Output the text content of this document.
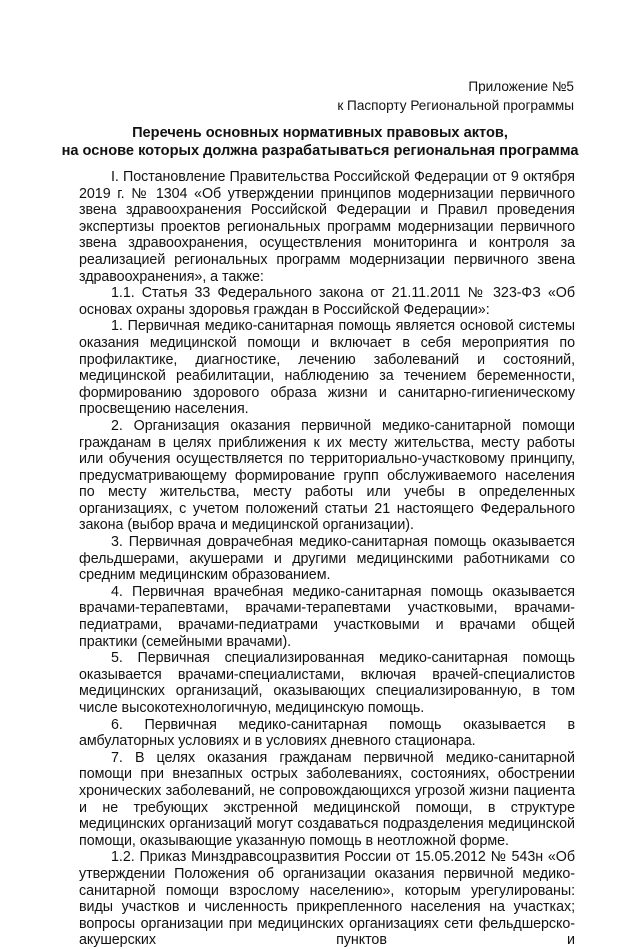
Приложение №5
к Паспорту Региональной программы
Перечень основных нормативных правовых актов,
на основе которых должна разрабатываться региональная программа

I. Постановление Правительства Российской Федерации от 9 октября 2019 г. № 1304 «Об утверждении принципов модернизации первичного звена здравоохранения Российской Федерации и Правил проведения экспертизы проектов региональных программ модернизации первичного звена здравоохранения, осуществления мониторинга и контроля за реализацией региональных программ модернизации первичного звена здравоохранения», а также:

1.1. Статья 33 Федерального закона от 21.11.2011 № 323-ФЗ «Об основах охраны здоровья граждан в Российской Федерации»:

1. Первичная медико-санитарная помощь является основой системы оказания медицинской помощи и включает в себя мероприятия по профилактике, диагностике, лечению заболеваний и состояний, медицинской реабилитации, наблюдению за течением беременности, формированию здорового образа жизни и санитарно-гигиеническому просвещению населения.

2. Организация оказания первичной медико-санитарной помощи гражданам в целях приближения к их месту жительства, месту работы или обучения осуществляется по территориально-участковому принципу, предусматривающему формирование групп обслуживаемого населения по месту жительства, месту работы или учебы в определенных организациях, с учетом положений статьи 21 настоящего Федерального закона (выбор врача и медицинской организации).

3. Первичная доврачебная медико-санитарная помощь оказывается фельдшерами, акушерами и другими медицинскими работниками со средним медицинским образованием.

4. Первичная врачебная медико-санитарная помощь оказывается врачами-терапевтами, врачами-терапевтами участковыми, врачами-педиатрами, врачами-педиатрами участковыми и врачами общей практики (семейными врачами).

5. Первичная специализированная медико-санитарная помощь оказывается врачами-специалистами, включая врачей-специалистов медицинских организаций, оказывающих специализированную, в том числе высокотехнологичную, медицинскую помощь.

6. Первичная медико-санитарная помощь оказывается в амбулаторных условиях и в условиях дневного стационара.

7. В целях оказания гражданам первичной медико-санитарной помощи при внезапных острых заболеваниях, состояниях, обострении хронических заболеваний, не сопровождающихся угрозой жизни пациента и не требующих экстренной медицинской помощи, в структуре медицинских организаций могут создаваться подразделения медицинской помощи, оказывающие указанную помощь в неотложной форме.

1.2. Приказ Минздравсоцразвития России от 15.05.2012 № 543н «Об утверждении Положения об организации оказания первичной медико-санитарной помощи взрослому населению», которым урегулированы: виды участков и численность прикрепленного населения на участках; вопросы организации при медицинских организациях сети фельдшерско-акушерских пунктов и
